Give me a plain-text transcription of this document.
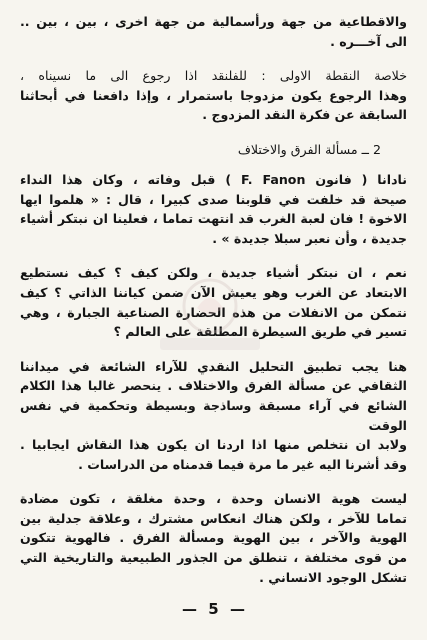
والاقطاعية من جهة ورأسمالية من جهة اخرى ، بين ، بين ..
الى آخـــره .

خلاصة النقطة الاولى : للفلنقد اذا رجوع الى ما نسيناه ،
وهذا الرجوع يكون مزدوجا باستمرار ، وإذا دافعنا في أبحاثنا
السابقة عن فكرة النقد المزدوج .

2 ــ مسألة الفرق والاختلاف

نادانا ( فانون F. Fanon ) قبل وفاته ، وكان هذا النداء
صيحة قد خلفت في قلوبنا صدى كبيرا ، قال : « هلموا ايها
الاخوة ! فان لعبة الغرب قد انتهت تماما ، فعلينا ان نبتكر أشياء
جديدة ، وأن نعبر سبلا جديدة » .

نعم ، ان نبتكر أشياء جديدة ، ولكن كيف ؟ كيف نستطيع
الابتعاد عن الغرب وهو يعيش الآن ضمن كياننا الذاتي ؟ كيف
نتمكن من الانفلات من هذه الحضارة الصناعية الجبارة ، وهي
تسير في طريق السيطرة المطلقة على العالم ؟

هنا يجب تطبيق التحليل النقدي للآراء الشائعة في ميداننا
الثقافي عن مسألة الفرق والاختلاف . ينحصر غالبا هذا الكلام
الشائع في آراء مسبقة وساذجة وبسيطة وتحكمية في نفس الوقت
ولابد ان نتخلص منها اذا اردنا ان يكون هذا النقاش ايجابيا .
وقد أشرنا اليه غير ما مرة فيما قدمناه من الدراسات .

ليست هوية الانسان وحدة ، وحدة مغلقة ، تكون مضادة
تماما للآخر ، ولكن هناك انعكاس مشترك ، وعلاقة جدلية بين
الهوية والآخر ، بين الهوية ومسألة الفرق . فالهوية تتكون
من قوى مختلفة ، تنطلق من الجذور الطبيعية والتاريخية التي
تشكل الوجود الانساني .

— 5 —
